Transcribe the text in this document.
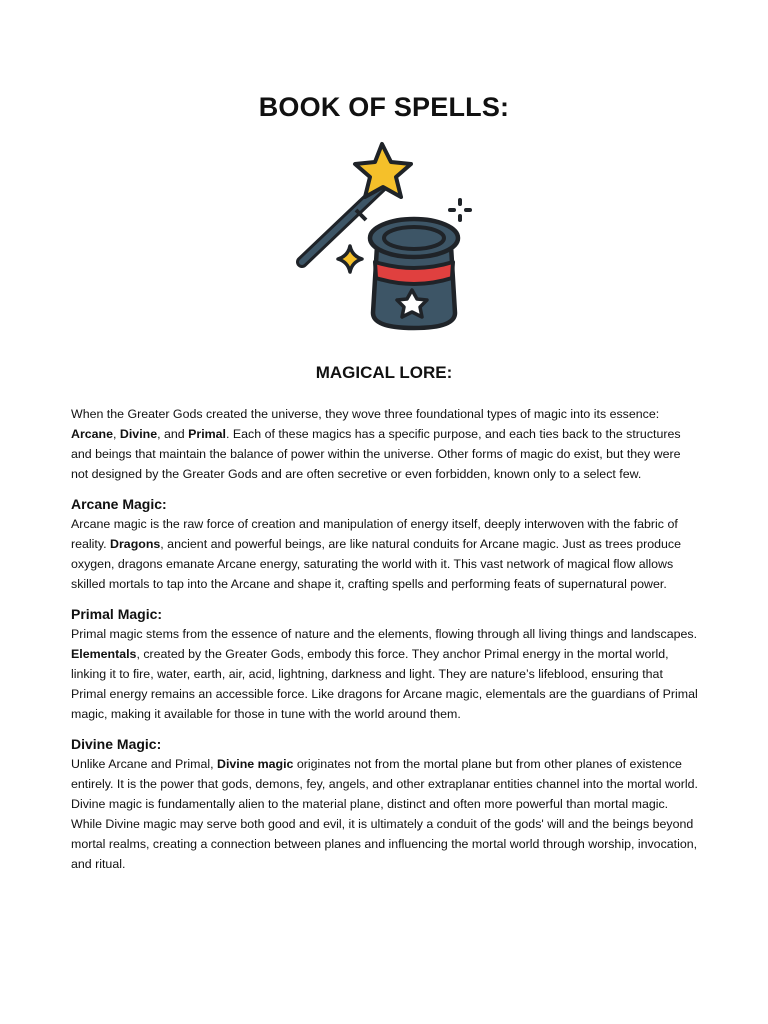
BOOK OF SPELLS:
MAGICAL LORE:

When the Greater Gods created the universe, they wove three foundational types of magic into its essence: Arcane, Divine, and Primal. Each of these magics has a specific purpose, and each ties back to the structures and beings that maintain the balance of power within the universe. Other forms of magic do exist, but they were not designed by the Greater Gods and are often secretive or even forbidden, known only to a select few.

Arcane Magic:

Arcane magic is the raw force of creation and manipulation of energy itself, deeply interwoven with the fabric of reality. Dragons, ancient and powerful beings, are like natural conduits for Arcane magic. Just as trees produce oxygen, dragons emanate Arcane energy, saturating the world with it. This vast network of magical flow allows skilled mortals to tap into the Arcane and shape it, crafting spells and performing feats of supernatural power.

Primal Magic:

Primal magic stems from the essence of nature and the elements, flowing through all living things and landscapes. Elementals, created by the Greater Gods, embody this force. They anchor Primal energy in the mortal world, linking it to fire, water, earth, air, acid, lightning, darkness and light. They are nature’s lifeblood, ensuring that Primal energy remains an accessible force. Like dragons for Arcane magic, elementals are the guardians of Primal magic, making it available for those in tune with the world around them.

Divine Magic:

Unlike Arcane and Primal, Divine magic originates not from the mortal plane but from other planes of existence entirely. It is the power that gods, demons, fey, angels, and other extraplanar entities channel into the mortal world. Divine magic is fundamentally alien to the material plane, distinct and often more powerful than mortal magic. While Divine magic may serve both good and evil, it is ultimately a conduit of the gods' will and the beings beyond mortal realms, creating a connection between planes and influencing the mortal world through worship, invocation, and ritual.
